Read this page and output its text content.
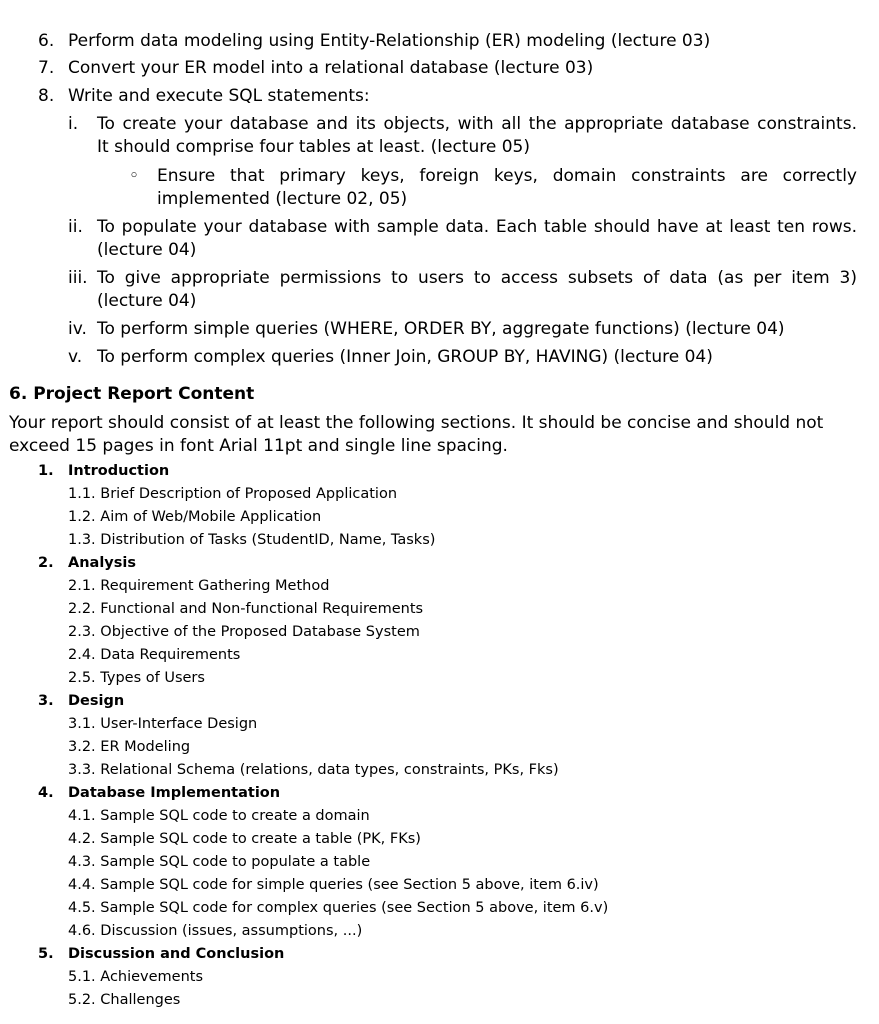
6. Perform data modeling using Entity-Relationship (ER) modeling (lecture 03)
7. Convert your ER model into a relational database (lecture 03)
8. Write and execute SQL statements:
i. To create your database and its objects, with all the appropriate database constraints.
It should comprise four tables at least. (lecture 05)
◦ Ensure that primary keys, foreign keys, domain constraints are correctly
implemented (lecture 02, 05)
ii. To populate your database with sample data. Each table should have at least ten rows.
(lecture 04)
iii. To give appropriate permissions to users to access subsets of data (as per item 3)
(lecture 04)
iv. To perform simple queries (WHERE, ORDER BY, aggregate functions) (lecture 04)
v. To perform complex queries (Inner Join, GROUP BY, HAVING) (lecture 04)
6. Project Report Content
Your report should consist of at least the following sections. It should be concise and should not
exceed 15 pages in font Arial 11pt and single line spacing.
1. Introduction
1.1. Brief Description of Proposed Application
1.2. Aim of Web/Mobile Application
1.3. Distribution of Tasks (StudentID, Name, Tasks)
2. Analysis
2.1. Requirement Gathering Method
2.2. Functional and Non-functional Requirements
2.3. Objective of the Proposed Database System
2.4. Data Requirements
2.5. Types of Users
3. Design
3.1. User-Interface Design
3.2. ER Modeling
3.3. Relational Schema (relations, data types, constraints, PKs, Fks)
4. Database Implementation
4.1. Sample SQL code to create a domain
4.2. Sample SQL code to create a table (PK, FKs)
4.3. Sample SQL code to populate a table
4.4. Sample SQL code for simple queries (see Section 5 above, item 6.iv)
4.5. Sample SQL code for complex queries (see Section 5 above, item 6.v)
4.6. Discussion (issues, assumptions, ...)
5. Discussion and Conclusion
5.1. Achievements
5.2. Challenges
